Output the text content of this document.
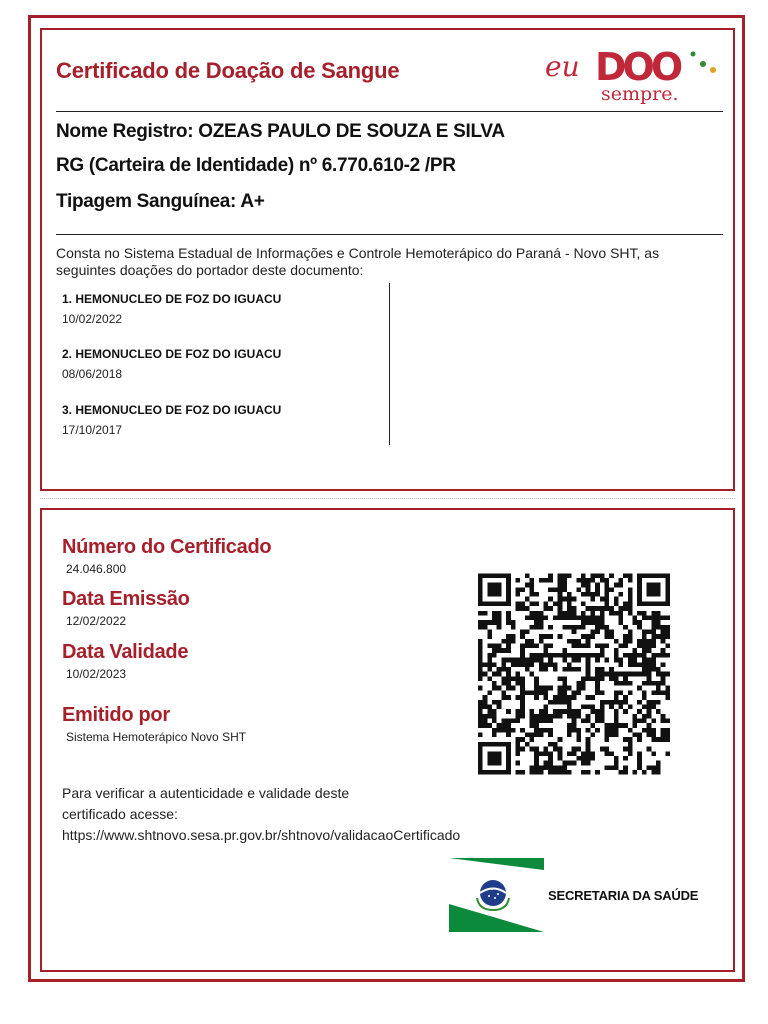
Certificado de Doação de Sangue	eu DOO
sempre.
Nome Registro: OZEAS PAULO DE SOUZA E SILVA
RG (Carteira de Identidade) nº 6.770.610-2 /PR
Tipagem Sanguínea: A+
Consta no Sistema Estadual de Informações e Controle Hemoterápico do Paraná - Novo SHT, as seguintes doações do portador deste documento:
1. HEMONUCLEO DE FOZ DO IGUACU
10/02/2022
2. HEMONUCLEO DE FOZ DO IGUACU
08/06/2018
3. HEMONUCLEO DE FOZ DO IGUACU
17/10/2017
Número do Certificado
24.046.800
Data Emissão
12/02/2022
Data Validade
10/02/2023
Emitido por
Sistema Hemoterápico Novo SHT
Para verificar a autenticidade e validade deste certificado acesse: https://www.shtnovo.sesa.pr.gov.br/shtnovo/validacaoCertificado
SECRETARIA DA SAÚDE
